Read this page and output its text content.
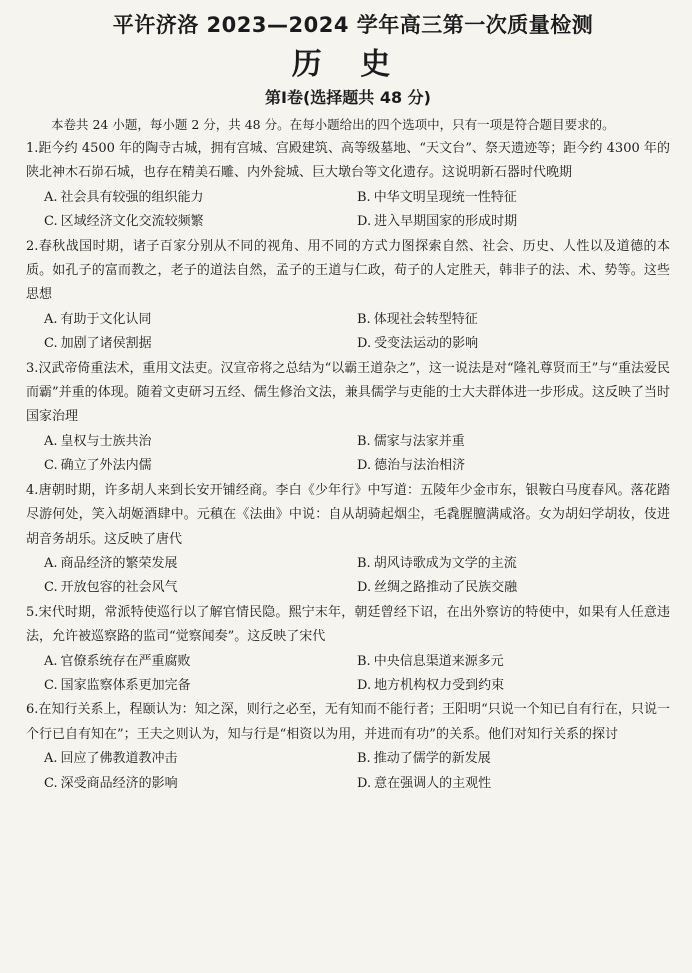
平许济洛 2023—2024 学年高三第一次质量检测
历 史
第Ⅰ卷(选择题共 48 分)
本卷共 24 小题，每小题 2 分，共 48 分。在每小题给出的四个选项中，只有一项是符合题目要求的。
1.距今约 4500 年的陶寺古城，拥有宫城、宫殿建筑、高等级墓地、“天文台”、祭天遗迹等；距今约 4300 年的陕北神木石峁石城，也存在精美石雕、内外瓮城、巨大墩台等文化遗存。这说明新石器时代晚期
A. 社会具有较强的组织能力	B. 中华文明呈现统一性特征
C. 区域经济文化交流较频繁	D. 进入早期国家的形成时期
2.春秋战国时期，诸子百家分别从不同的视角、用不同的方式力图探索自然、社会、历史、人性以及道德的本质。如孔子的富而教之，老子的道法自然，孟子的王道与仁政，荀子的人定胜天，韩非子的法、术、势等。这些思想
A. 有助于文化认同	B. 体现社会转型特征
C. 加剧了诸侯割据	D. 受变法运动的影响
3.汉武帝倚重法术，重用文法吏。汉宣帝将之总结为“以霸王道杂之”，这一说法是对“隆礼尊贤而王”与“重法爱民而霸”并重的体现。随着文吏研习五经、儒生修治文法，兼具儒学与吏能的士大夫群体进一步形成。这反映了当时国家治理
A. 皇权与士族共治	B. 儒家与法家并重
C. 确立了外法内儒	D. 德治与法治相济
4.唐朝时期，许多胡人来到长安开铺经商。李白《少年行》中写道：五陵年少金市东，银鞍白马度春风。落花踏尽游何处，笑入胡姬酒肆中。元稹在《法曲》中说：自从胡骑起烟尘，毛毳腥膻满咸洛。女为胡妇学胡妆，伎进胡音务胡乐。这反映了唐代
A. 商品经济的繁荣发展	B. 胡风诗歌成为文学的主流
C. 开放包容的社会风气	D. 丝绸之路推动了民族交融
5.宋代时期，常派特使巡行以了解官情民隐。熙宁末年，朝廷曾经下诏，在出外察访的特使中，如果有人任意违法，允许被巡察路的监司“觉察闻奏”。这反映了宋代
A. 官僚系统存在严重腐败	B. 中央信息渠道来源多元
C. 国家监察体系更加完备	D. 地方机构权力受到约束
6.在知行关系上，程颐认为：知之深，则行之必至，无有知而不能行者；王阳明“只说一个知已自有行在，只说一个行已自有知在”；王夫之则认为，知与行是“相资以为用，并进而有功”的关系。他们对知行关系的探讨
A. 回应了佛教道教冲击	B. 推动了儒学的新发展
C. 深受商品经济的影响	D. 意在强调人的主观性
